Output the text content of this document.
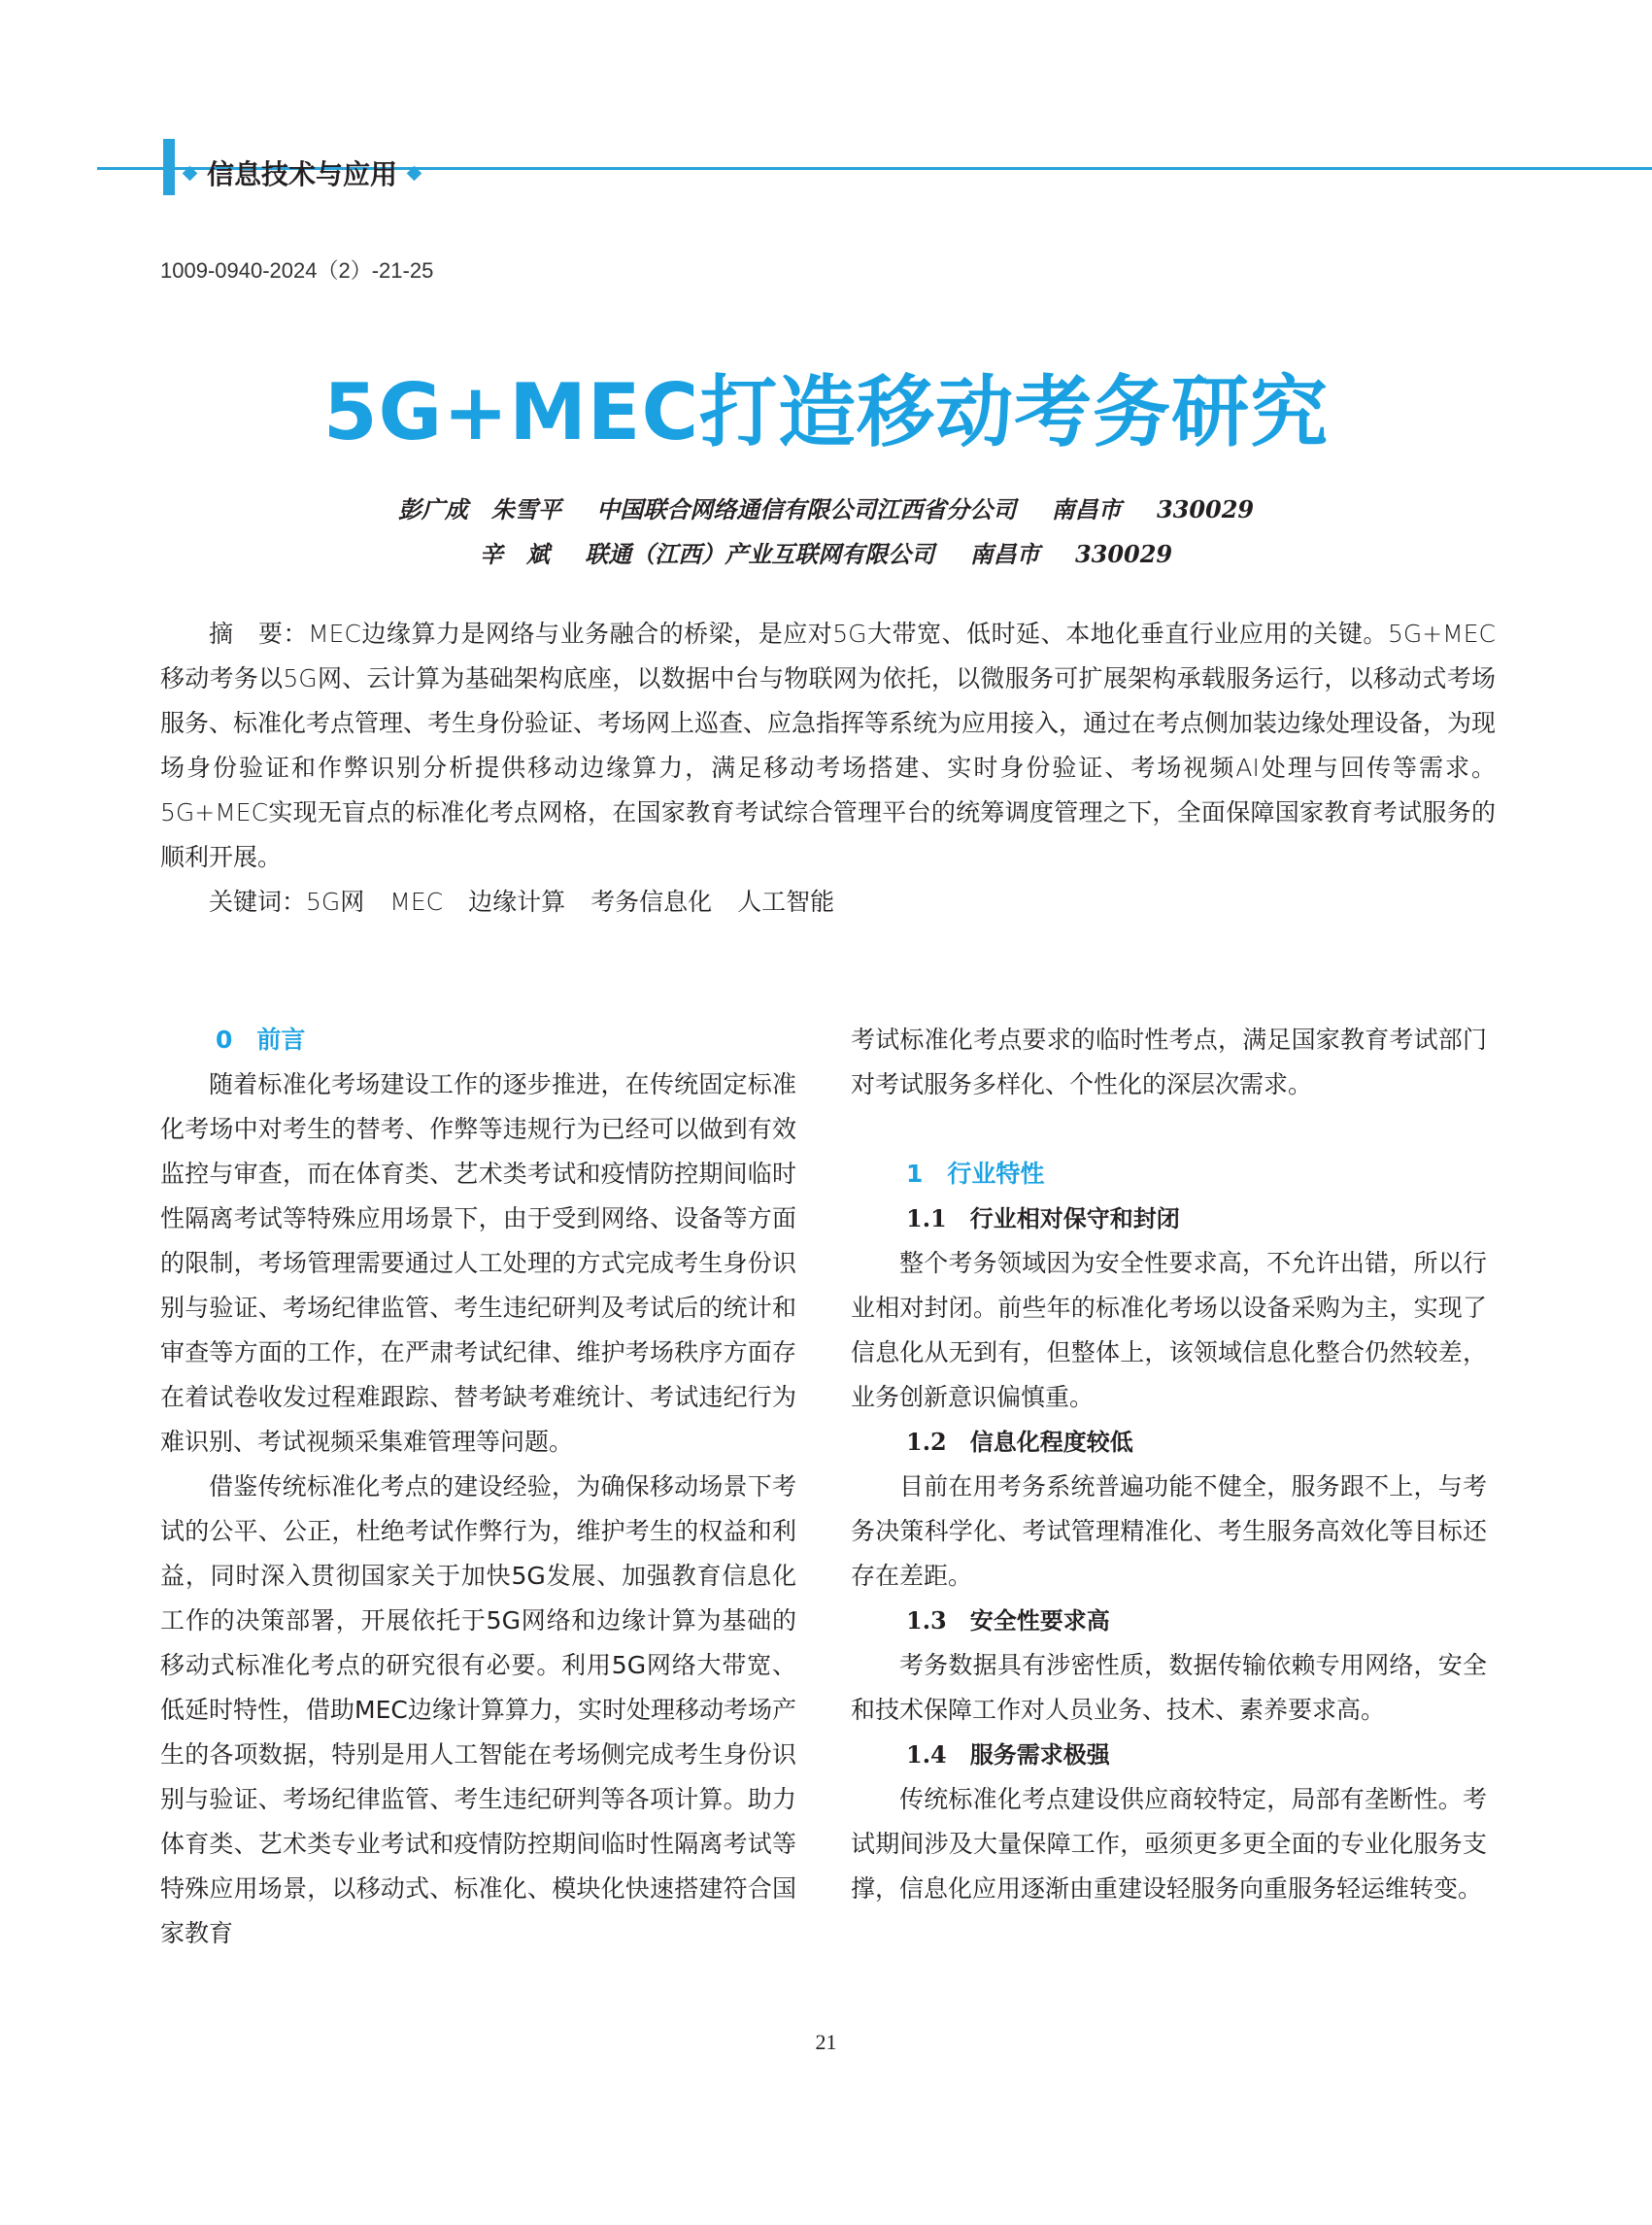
信息技术与应用
1009-0940-2024（2）-21-25
5G+MEC打造移动考务研究
彭广成　朱雪平 中国联合网络通信有限公司江西省分公司 南昌市 330029
辛　斌 联通（江西）产业互联网有限公司 南昌市 330029

摘　要：MEC边缘算力是网络与业务融合的桥梁，是应对5G大带宽、低时延、本地化垂直行业应用的关键。5G+MEC移动考务以5G网、云计算为基础架构底座，以数据中台与物联网为依托，以微服务可扩展架构承载服务运行，以移动式考场服务、标准化考点管理、考生身份验证、考场网上巡查、应急指挥等系统为应用接入，通过在考点侧加装边缘处理设备，为现场身份验证和作弊识别分析提供移动边缘算力，满足移动考场搭建、实时身份验证、考场视频AI处理与回传等需求。5G+MEC实现无盲点的标准化考点网格，在国家教育考试综合管理平台的统筹调度管理之下，全面保障国家教育考试服务的顺利开展。

关键词：5G网 MEC 边缘计算 考务信息化 人工智能

0　前言

随着标准化考场建设工作的逐步推进，在传统固定标准化考场中对考生的替考、作弊等违规行为已经可以做到有效监控与审查，而在体育类、艺术类考试和疫情防控期间临时性隔离考试等特殊应用场景下，由于受到网络、设备等方面的限制，考场管理需要通过人工处理的方式完成考生身份识别与验证、考场纪律监管、考生违纪研判及考试后的统计和审查等方面的工作，在严肃考试纪律、维护考场秩序方面存在着试卷收发过程难跟踪、替考缺考难统计、考试违纪行为难识别、考试视频采集难管理等问题。

借鉴传统标准化考点的建设经验，为确保移动场景下考试的公平、公正，杜绝考试作弊行为，维护考生的权益和利益，同时深入贯彻国家关于加快5G发展、加强教育信息化工作的决策部署，开展依托于5G网络和边缘计算为基础的移动式标准化考点的研究很有必要。利用5G网络大带宽、低延时特性，借助MEC边缘计算算力，实时处理移动考场产生的各项数据，特别是用人工智能在考场侧完成考生身份识别与验证、考场纪律监管、考生违纪研判等各项计算。助力体育类、艺术类专业考试和疫情防控期间临时性隔离考试等特殊应用场景，以移动式、标准化、模块化快速搭建符合国家教育

考试标准化考点要求的临时性考点，满足国家教育考试部门对考试服务多样化、个性化的深层次需求。

1　行业特性
1.1　行业相对保守和封闭

整个考务领域因为安全性要求高，不允许出错，所以行业相对封闭。前些年的标准化考场以设备采购为主，实现了信息化从无到有，但整体上，该领域信息化整合仍然较差，业务创新意识偏慎重。

1.2　信息化程度较低

目前在用考务系统普遍功能不健全，服务跟不上，与考务决策科学化、考试管理精准化、考生服务高效化等目标还存在差距。

1.3　安全性要求高

考务数据具有涉密性质，数据传输依赖专用网络，安全和技术保障工作对人员业务、技术、素养要求高。

1.4　服务需求极强

传统标准化考点建设供应商较特定，局部有垄断性。考试期间涉及大量保障工作，亟须更多更全面的专业化服务支撑，信息化应用逐渐由重建设轻服务向重服务轻运维转变。

21
